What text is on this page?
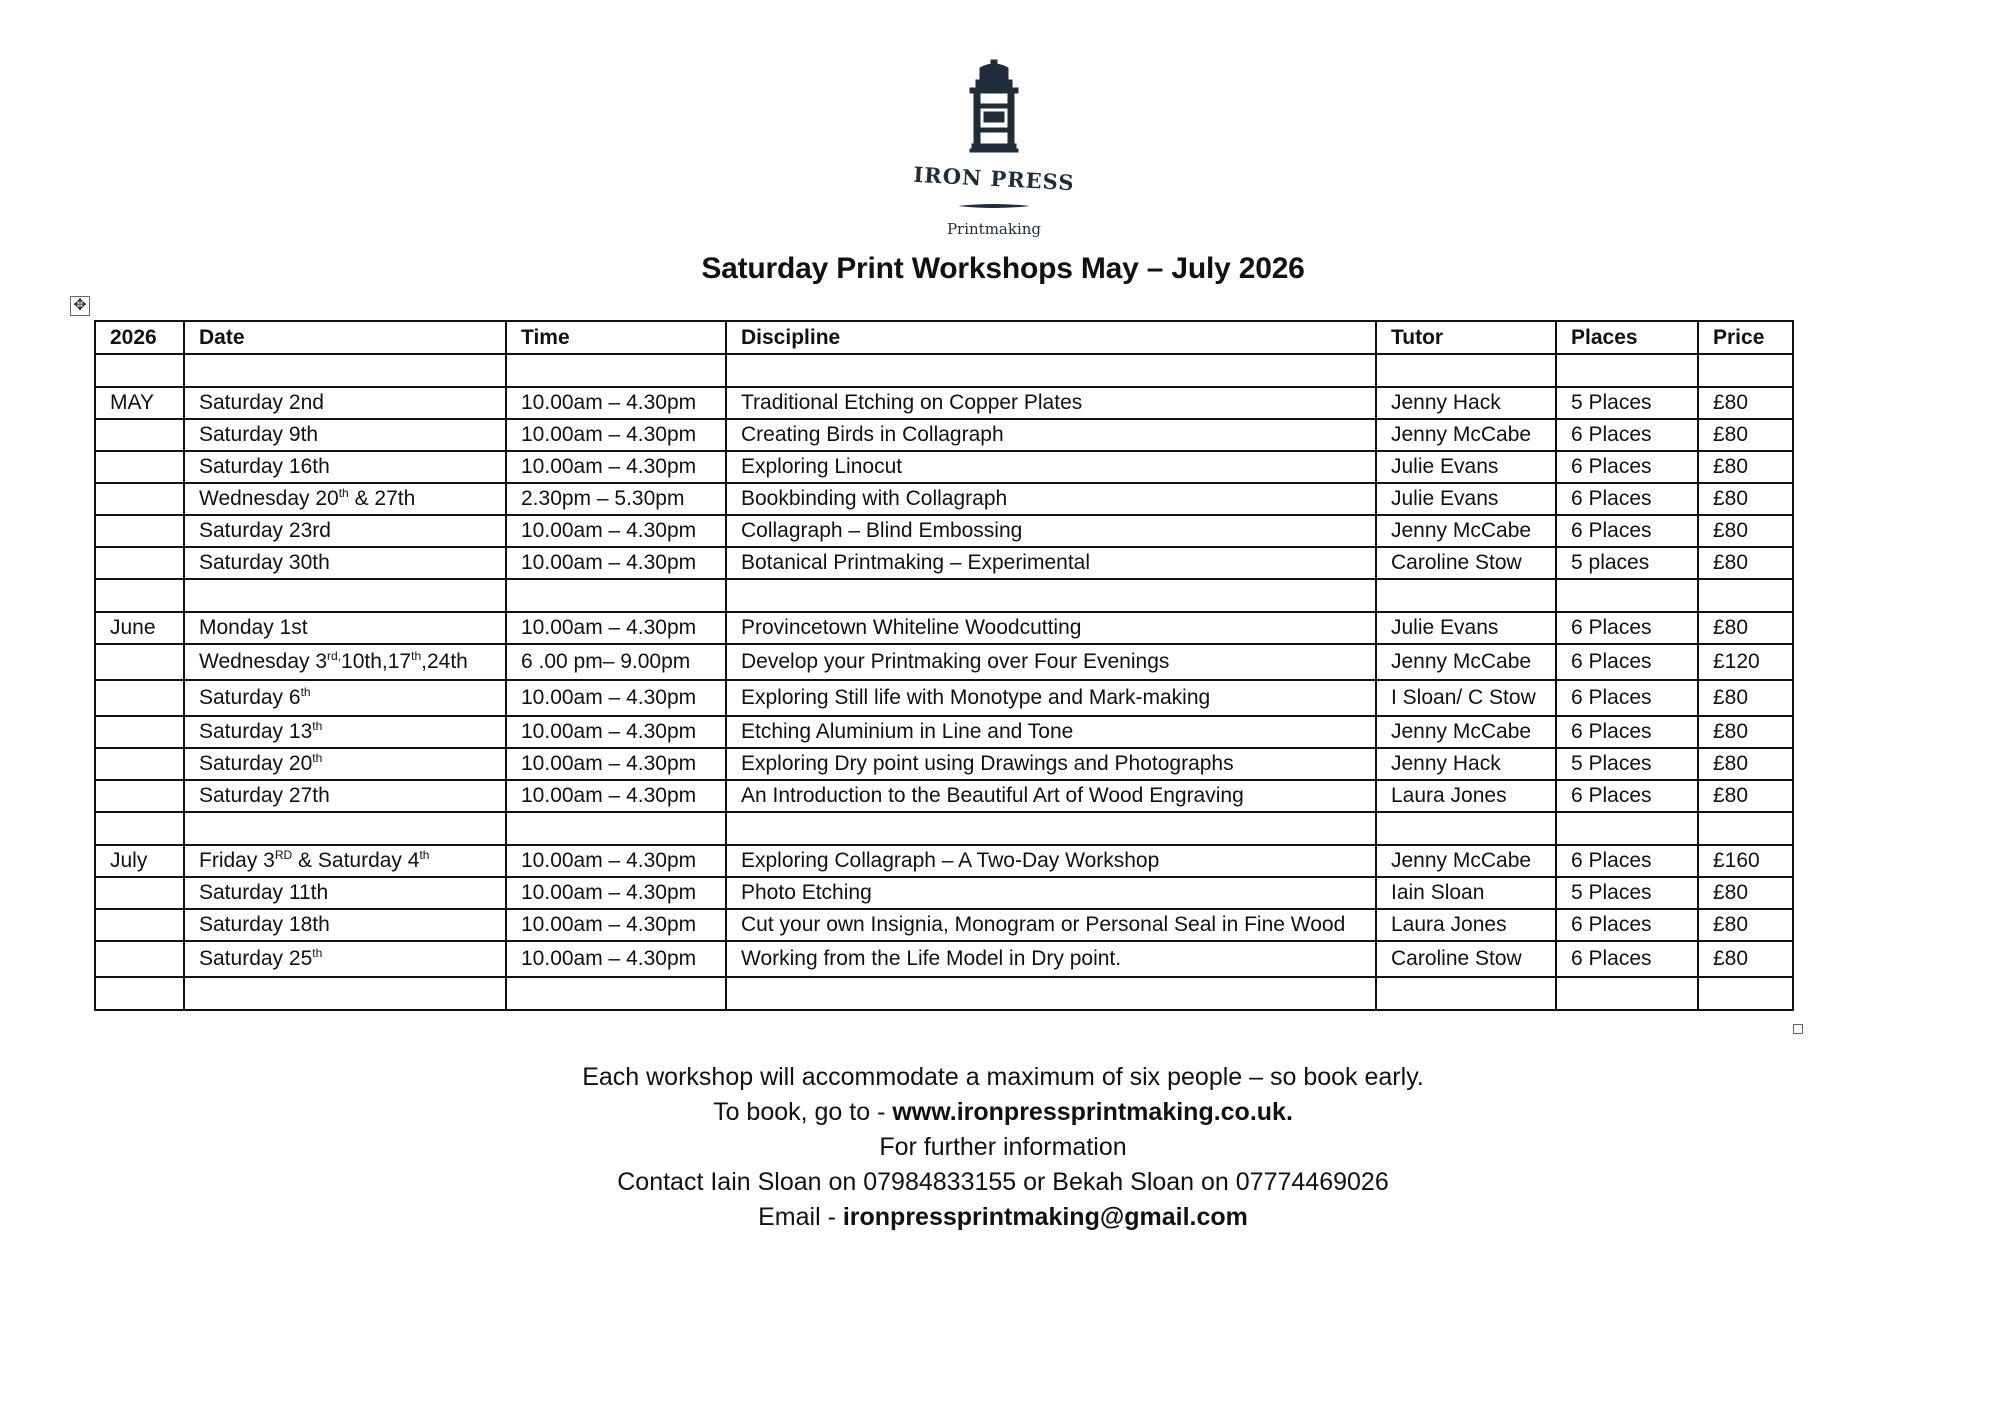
IRON PRESS
Printmaking
Saturday Print Workshops May – July 2026
✥
2026	Date	Time	Discipline	Tutor	Places	Price

MAY	Saturday 2nd	10.00am – 4.30pm	Traditional Etching on Copper Plates	Jenny Hack	5 Places	£80
	Saturday 9th	10.00am – 4.30pm	Creating Birds in Collagraph	Jenny McCabe	6 Places	£80
	Saturday 16th	10.00am – 4.30pm	Exploring Linocut	Julie Evans	6 Places	£80
	Wednesday 20th & 27th	2.30pm – 5.30pm	Bookbinding with Collagraph	Julie Evans	6 Places	£80
	Saturday 23rd	10.00am – 4.30pm	Collagraph – Blind Embossing	Jenny McCabe	6 Places	£80
	Saturday 30th	10.00am – 4.30pm	Botanical Printmaking – Experimental	Caroline Stow	5 places	£80

June	Monday 1st	10.00am – 4.30pm	Provincetown Whiteline Woodcutting	Julie Evans	6 Places	£80
	Wednesday $3^{rd,}10th,17th,24th$	6 .00 pm– 9.00pm	Develop your Printmaking over Four Evenings	Jenny McCabe	6 Places	£120
	Saturday 6th	10.00am – 4.30pm	Exploring Still life with Monotype and Mark-making	I Sloan/ C Stow	6 Places	£80
	Saturday 13th	10.00am – 4.30pm	Etching Aluminium in Line and Tone	Jenny McCabe	6 Places	£80
	Saturday 20th	10.00am – 4.30pm	Exploring Dry point using Drawings and Photographs	Jenny Hack	5 Places	£80
	Saturday 27th	10.00am – 4.30pm	An Introduction to the Beautiful Art of Wood Engraving	Laura Jones	6 Places	£80

July	Friday 3RD & Saturday 4th	10.00am – 4.30pm	Exploring Collagraph – A Two-Day Workshop	Jenny McCabe	6 Places	£160
	Saturday 11th	10.00am – 4.30pm	Photo Etching	Iain Sloan	5 Places	£80
	Saturday 18th	10.00am – 4.30pm	Cut your own Insignia, Monogram or Personal Seal in Fine Wood	Laura Jones	6 Places	£80
	Saturday 25th	10.00am – 4.30pm	Working from the Life Model in Dry point.	Caroline Stow	6 Places	£80

Each workshop will accommodate a maximum of six people – so book early.
To book, go to - www.ironpressprintmaking.co.uk.
For further information
Contact Iain Sloan on 07984833155 or Bekah Sloan on 07774469026
Email - ironpressprintmaking@gmail.com
